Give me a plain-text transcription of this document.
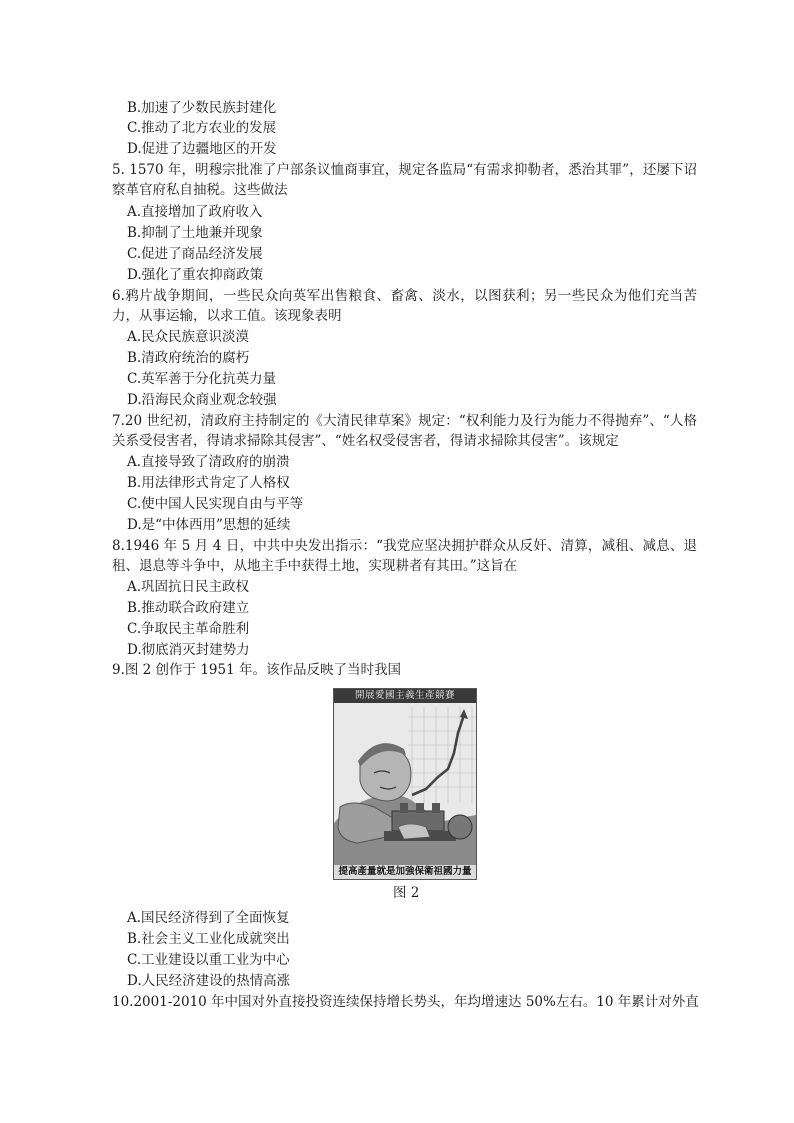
B.加速了少数民族封建化
C.推动了北方农业的发展
D.促进了边疆地区的开发
5. 1570 年，明穆宗批准了户部条议恤商事宜，规定各监局“有需求抑勒者，悉治其罪”，还屡下诏察革官府私自抽税。这些做法
A.直接增加了政府收入
B.抑制了土地兼并现象
C.促进了商品经济发展
D.强化了重农抑商政策
6.鸦片战争期间，一些民众向英军出售粮食、畜禽、淡水，以图获利；另一些民众为他们充当苦力，从事运输，以求工值。该现象表明
A.民众民族意识淡漠
B.清政府统治的腐朽
C.英军善于分化抗英力量
D.沿海民众商业观念较强
7.20 世纪初，清政府主持制定的《大清民律草案》规定：“权利能力及行为能力不得抛弃”、“人格关系受侵害者，得请求掃除其侵害”、“姓名权受侵害者，得请求掃除其侵害”。该规定
A.直接导致了清政府的崩溃
B.用法律形式肯定了人格权
C.使中国人民实现自由与平等
D.是“中体西用”思想的延续
8.1946 年 5 月 4 日，中共中央发出指示：“我党应坚决拥护群众从反奸、清算，减租、减息、退租、退息等斗争中，从地主手中获得土地，实现耕者有其田。”这旨在
A.巩固抗日民主政权
B.推动联合政府建立
C.争取民主革命胜利
D.彻底消灭封建势力
9.图 2 创作于 1951 年。该作品反映了当时我国
開展愛國主義生產競賽
提高產量就是加強保衛祖國力量
图 2
A.国民经济得到了全面恢复
B.社会主义工业化成就突出
C.工业建设以重工业为中心
D.人民经济建设的热情高涨
10.2001-2010 年中国对外直接投资连续保持增长势头，年均增速达 50%左右。10 年累计对外直
